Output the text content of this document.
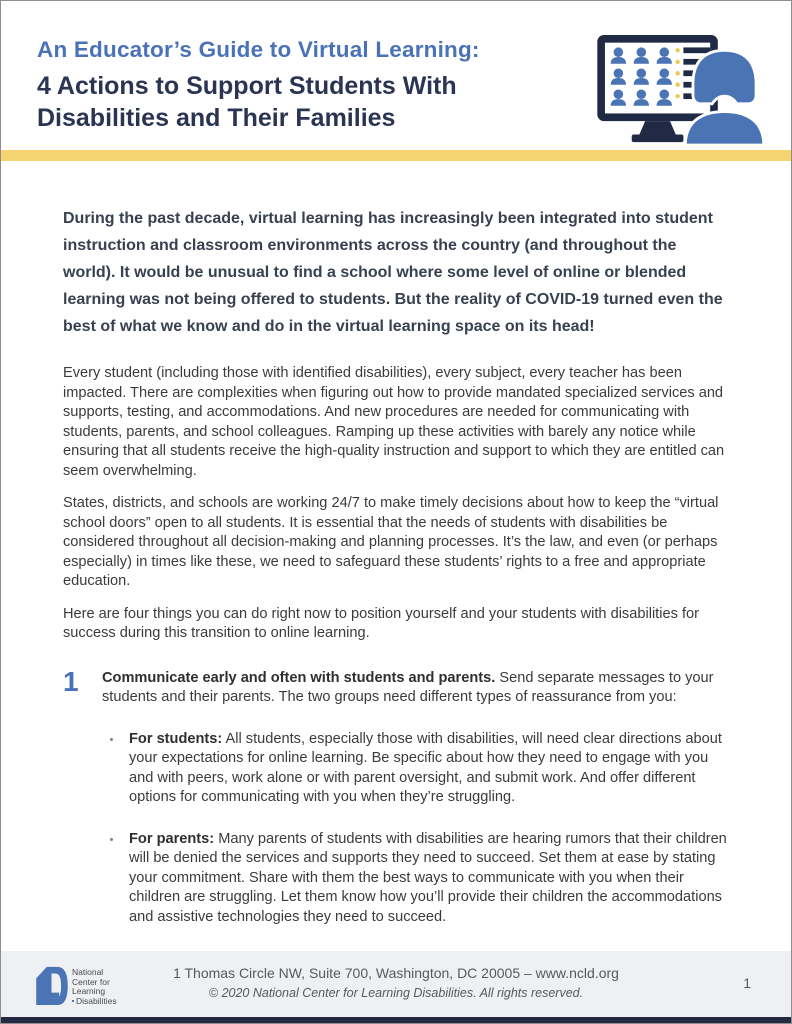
An Educator’s Guide to Virtual Learning:
4 Actions to Support Students With Disabilities and Their Families

During the past decade, virtual learning has increasingly been integrated into student instruction and classroom environments across the country (and throughout the world). It would be unusual to find a school where some level of online or blended learning was not being offered to students. But the reality of COVID-19 turned even the best of what we know and do in the virtual learning space on its head!

Every student (including those with identified disabilities), every subject, every teacher has been impacted. There are complexities when figuring out how to provide mandated specialized services and supports, testing, and accommodations. And new procedures are needed for communicating with students, parents, and school colleagues. Ramping up these activities with barely any notice while ensuring that all students receive the high-quality instruction and support to which they are entitled can seem overwhelming.

States, districts, and schools are working 24/7 to make timely decisions about how to keep the “virtual school doors” open to all students. It is essential that the needs of students with disabilities be considered throughout all decision-making and planning processes. It’s the law, and even (or perhaps especially) in times like these, we need to safeguard these students’ rights to a free and appropriate education.

Here are four things you can do right now to position yourself and your students with disabilities for success during this transition to online learning.

1	Communicate early and often with students and parents. Send separate messages to your students and their parents. The two groups need different types of reassurance from you:

For students: All students, especially those with disabilities, will need clear directions about your expectations for online learning. Be specific about how they need to engage with you and with peers, work alone or with parent oversight, and submit work. And offer different options for communicating with you when they’re struggling.

For parents: Many parents of students with disabilities are hearing rumors that their children will be denied the services and supports they need to succeed. Set them at ease by stating your commitment. Share with them the best ways to communicate with you when their children are struggling. Let them know how you’ll provide their children the accommodations and assistive technologies they need to succeed.

National
Center for
Learning
Disabilities
1 Thomas Circle NW, Suite 700, Washington, DC 20005 – www.ncld.org
© 2020 National Center for Learning Disabilities. All rights reserved.
1
